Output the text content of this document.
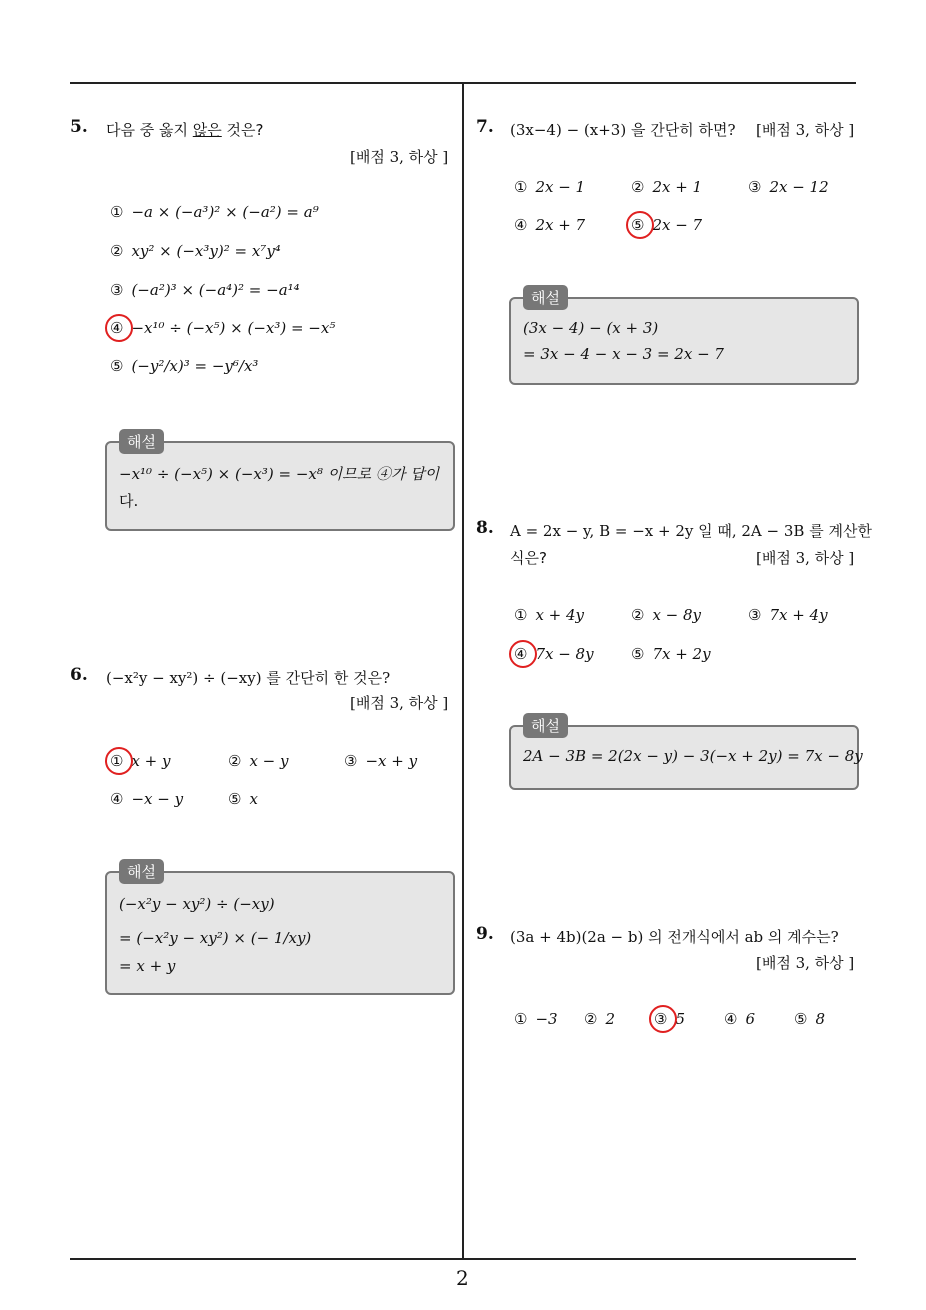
5. 다음 중 옳지 않은 것은?
[배점 3, 하상 ]
① −a × (−a³)² × (−a²) = a⁹
② xy² × (−x³y)² = x⁷y⁴
③ (−a²)³ × (−a⁴)² = −a¹⁴
④ −x¹⁰ ÷ (−x⁵) × (−x³) = −x⁵
⑤ (−y²/x)³ = −y⁶/x³
해설
−x¹⁰ ÷ (−x⁵) × (−x³) = −x⁸ 이므로 ④가 답이
다.
6. (−x²y − xy²) ÷ (−xy) 를 간단히 한 것은?
[배점 3, 하상 ]
① x + y	② x − y	③ −x + y
④ −x − y	⑤ x
해설
(−x²y − xy²) ÷ (−xy)
= (−x²y − xy²) × (− 1/xy)
= x + y
7. (3x−4) − (x+3) 을 간단히 하면? [배점 3, 하상 ]
① 2x − 1	② 2x + 1	③ 2x − 12
④ 2x + 7	⑤ 2x − 7
해설
(3x − 4) − (x + 3)
= 3x − 4 − x − 3 = 2x − 7
8. A = 2x − y, B = −x + 2y 일 때, 2A − 3B 를 계산한
식은?	[배점 3, 하상 ]
① x + 4y	② x − 8y	③ 7x + 4y
④ 7x − 8y ⑤ 7x + 2y
해설
2A − 3B = 2(2x − y) − 3(−x + 2y) = 7x − 8y
9. (3a + 4b)(2a − b) 의 전개식에서 ab 의 계수는?
[배점 3, 하상 ]
① −3 ② 2	③ 5	④ 6	⑤ 8
2
